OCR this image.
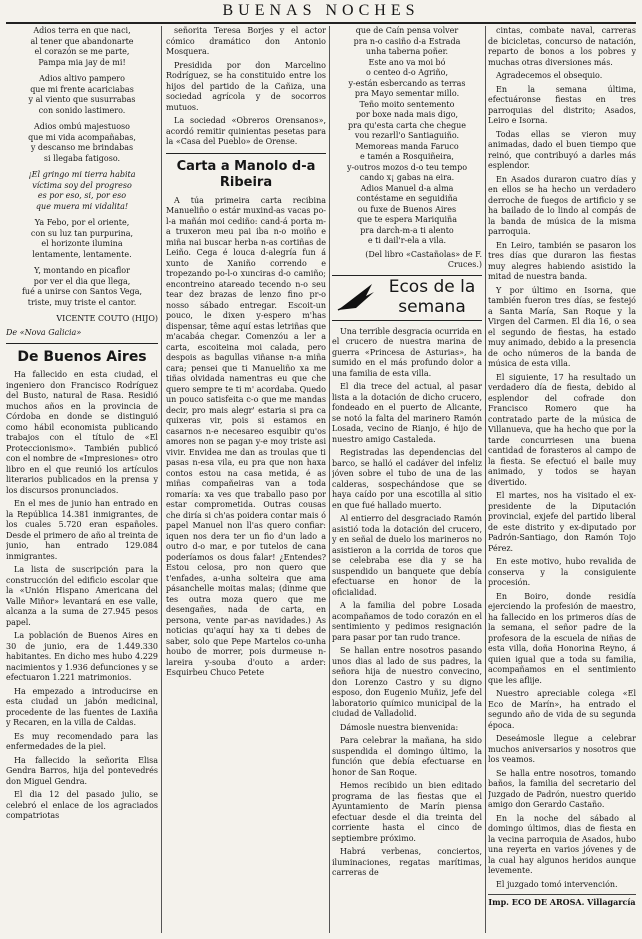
BUENAS NOCHES

Adios terra en que naci,

al tener que abandonarte

el corazón se me parte,

Pampa mia jay de mi!

Adios altivo pampero

que mi frente acariciabas

y al viento que susurrabas

con sonido lastimero.

Adios ombú majestuoso

que mi vida acompañabas,

y descanso me brindabas

si llegaba fatigoso.

¡El gringo mi tierra habita

víctima soy del progreso

es por eso, si, por eso

que muera mi vidalita!

Ya Febo, por el oriente,

con su luz tan purpurina,

el horizonte ilumina

lentamente, lentamente.

Y, montando en picaflor

por ver el dia que llega,

fué a unirse con Santos Vega,

triste, muy triste el cantor.

VICENTE COUTO (HIJO)

De «Nova Galicia»

De Buenos Aires

Ha fallecido en esta ciudad, el ingeniero don Francisco Rodríguez del Busto, natural de Rasa. Residió muchos años en la provincia de Córdoba en donde se distinguió como hábil economista publicando trabajos con el título de «El Proteccionismo». También publicó con el nombre de «Impresiones» otro libro en el que reunió los artículos literarios publicados en la prensa y los discursos pronunciados.

En el mes de junio han entrado en la República 14.381 inmigrantes, de los cuales 5.720 eran españoles. Desde el primero de año al treinta de junio, han entrado 129.084 inmigrantes.

La lista de suscripción para la construcción del edificio escolar que la «Unión Hispano Americana del Valle Miñor» levantará en ese valle, alcanza a la suma de 27.945 pesos papel.

La población de Buenos Aires en 30 de junio, era de 1.449.330 habitantes. En dicho mes hubo 4.229 nacimientos y 1.936 defunciones y se efectuaron 1.221 matrimonios.

Ha empezado a introducirse en esta ciudad un jabón medicinal, procedente de las fuentes de Laxiña y Recaren, en la villa de Caldas.

Es muy recomendado para las enfermedades de la piel.

Ha fallecido la señorita Elisa Gendra Barros, hija del pontevedrés don Miguel Gendra.

El dia 12 del pasado julio, se celebró el enlace de los agraciados compatriotas

señorita Teresa Borjes y el actor cómico dramático don Antonio Mosquera.

Presidida por don Marcelino Rodríguez, se ha constituido entre los hijos del partido de la Cañiza, una sociedad agrícola y de socorros mutuos.

La sociedad «Obreros Orensanos», acordó remitir quinientas pesetas para la «Casa del Pueblo» de Orense.

Carta a Manolo d-a Ribeira

A túa primeira carta recibina Manueliño o estár muxind-as vacas po-l-a mañán moi cediño: cand-á porta m-a truxeron meu pai iba n-o moiño e miña nai buscar herba n-as cortiñas de Leiño. Cega é louca d-alegría fun á xunto de Xaniño correndo e tropezando po-l-o xunciras d-o camiño; encontreino atareado tecendo n-o seu tear dez brazas de lenzo fino pr-o nosso sábado entregar. Escoit-un pouco, le dixen y-espero m'has dispensar, tême aquí estas letriñas que m'acabáa chegar. Comenzóu a ler a carta, escoiteina moi calada, pero despois as bagullas viñanse n-a miña cara; pensei que ti Manueliño xa me tiñas olvidada namentras eu que che quero sempre te ti m' acordaba. Quedo un pouco satisfeita c-o que me mandas decir, pro mais alegr' estaria si pra ca quixeras vir, pois si estamos en casarnos n-e necesareo esquibir qu'os amores non se pagan y-e moy triste asi vivir. Envidea me dan as troulas que ti pasas n-esa vila, eu pra que non haxa contos estou na casa metida, é as miñas compañeiras van a toda romaría: xa ves que traballo paso por estar comprometida. Outras cousas che diría si ch'as poidera contar mais ó papel Manuel non ll'as quero confiar: iquen nos dera ter un fio d'un lado a outro d-o mar, e por tutelos de cana poderíamos os dous falar! ¿Entendes? Estou celosa, pro non quero que t'enfades, a-unha solteira que ama pásanchelle moitas malas; (dinme que tes outra moza quero que me desengañes, nada de carta, en persona, vente par-as navidades.) As noticias qu'aquí hay xa ti debes de saber, solo que Pepe Martelos co-unha houbo de morrer, pois durmeuse n-lareira y-souba d'outo a arder: Esquirbeu Chuco Petete

que de Caín pensa volver

pra n-o casiño d-a Estrada

unha taberna poñer.

Este ano va moi bó

o centeo d-o Agriño,

y-están esbercando as terras

pra Mayo sementar millo.

Teño moito sentemento

por boxe nada mais digo,

pra qu'esta carta che chegue

vou rezarll'o Santiaguiño.

Memoreas manda Faruco

e tamén a Rosquiñeira,

y-outros mozos d-o teu tempo

cando x¡ gabas na eira.

Adios Manuel d-a alma

contéstame en seguidiña

ou fuxe de Buenos Aires

que te espera Mariquiña

pra darch-m-a ti alento

e ti dail'r-ela a vila.

(Del libro «Castañolas» de F. Cruces.)

Ecos de la
semana

Una terrible desgracia ocurrida en el crucero de nuestra marina de guerra «Princesa de Asturias», ha sumido en el más profundo dolor a una familia de esta villa.

El dia trece del actual, al pasar lista a la dotación de dicho crucero, fondeado en el puerto de Alicante, se notó la falta del marinero Ramón Losada, vecino de Rianjo, é hijo de nuestro amigo Castaleda.

Registradas las dependencias del barco, se halló el cadáver del infeliz jóven sobre el tubo de una de las calderas, sospechándose que se haya caído por una escotilla al sitio en que fué hallado muerto.

Al entierro del desgraciado Ramón asistió toda la dotación del crucero, y en señal de duelo los marineros no asistieron a la corrida de toros que se celebraba ese dia y se ha suspendido un banquete que debía efectuarse en honor de la oficialidad.

A la familia del pobre Losada acompañamos de todo corazón en el sentimiento y pedimos resignación para pasar por tan rudo trance.

Se hallan entre nosotros pasando unos dias al lado de sus padres, la señora hija de nuestro convecino, don Lorenzo Castro y su digno esposo, don Eugenio Muñiz, jefe del laboratorio químico municipal de la ciudad de Valladolid.

Dámosle nuestra bienvenida:

Para celebrar la mañana, ha sido suspendida el domingo último, la función que debía efectuarse en honor de San Roque.

Hemos recibido un bien editado programa de las fiestas que el Ayuntamiento de Marín piensa efectuar desde el dia treinta del corriente hasta el cinco de septiembre próximo.

Habrá verbenas, conciertos, iluminaciones, regatas marítimas, carreras de

cintas, combate naval, carreras de bicicletas, concurso de natación, reparto de bonos a los pobres y muchas otras diversiones más.

Agradecemos el obsequio.

En la semana última, efectuáronse fiestas en tres parroquias del distrito; Asados, Leiro e Isorna.

Todas ellas se vieron muy animadas, dado el buen tiempo que reinó, que contribuyó a darles más esplendor.

En Asados duraron cuatro días y en ellos se ha hecho un verdadero derroche de fuegos de artificio y se ha bailado de lo lindo al compás de la banda de música de la misma parroquia.

En Leiro, también se pasaron los tres días que duraron las fiestas muy alegres habiendo asistido la mitad de nuestra banda.

Y por último en Isorna, que también fueron tres días, se festejó a Santa María, San Roque y la Virgen del Carmen. El dia 16, o sea el segundo de fiestas, ha estado muy animado, debido a la presencia de ocho números de la banda de música de esta villa.

El siguiente, 17 ha resultado un verdadero día de fiesta, debido al esplendor del cofrade don Francisco Romero que ha contratado parte de la música de Villanueva, que ha hecho que por la tarde concurriesen una buena cantidad de forasteros al campo de la fiesta. Se efectuó el baile muy animado, y todos se hayan divertido.

El martes, nos ha visitado el ex-presidente de la Diputación provincial, exjefe del partido liberal de este distrito y ex-diputado por Padrón-Santiago, don Ramón Tojo Pérez.

En este motivo, hubo revalida de conserva y la consiguiente procesión.

En Boiro, donde residía ejerciendo la profesión de maestro, ha fallecido en los primeros días de la semana, el señor padre de la profesora de la escuela de niñas de esta villa, doña Honorina Reyno, á quien igual que a toda su familia, acompañamos en el sentimiento que les aflije.

Nuestro apreciable colega «El Eco de Marín», ha entrado el segundo año de vida de su segunda época.

Deseámosle llegue a celebrar muchos aniversarios y nosotros que los veamos.

Se halla entre nosotros, tomando baños, la familia del secretario del Juzgado de Padrón, nuestro querido amigo don Gerardo Castaño.

En la noche del sábado al domingo últimos, dias de fiesta en la vecina parroquia de Asados, hubo una reyerta en varios jóvenes y de la cual hay algunos heridos aunque levemente.

El juzgado tomó intervención.

Imp. ECO DE AROSA. Villagarcía
